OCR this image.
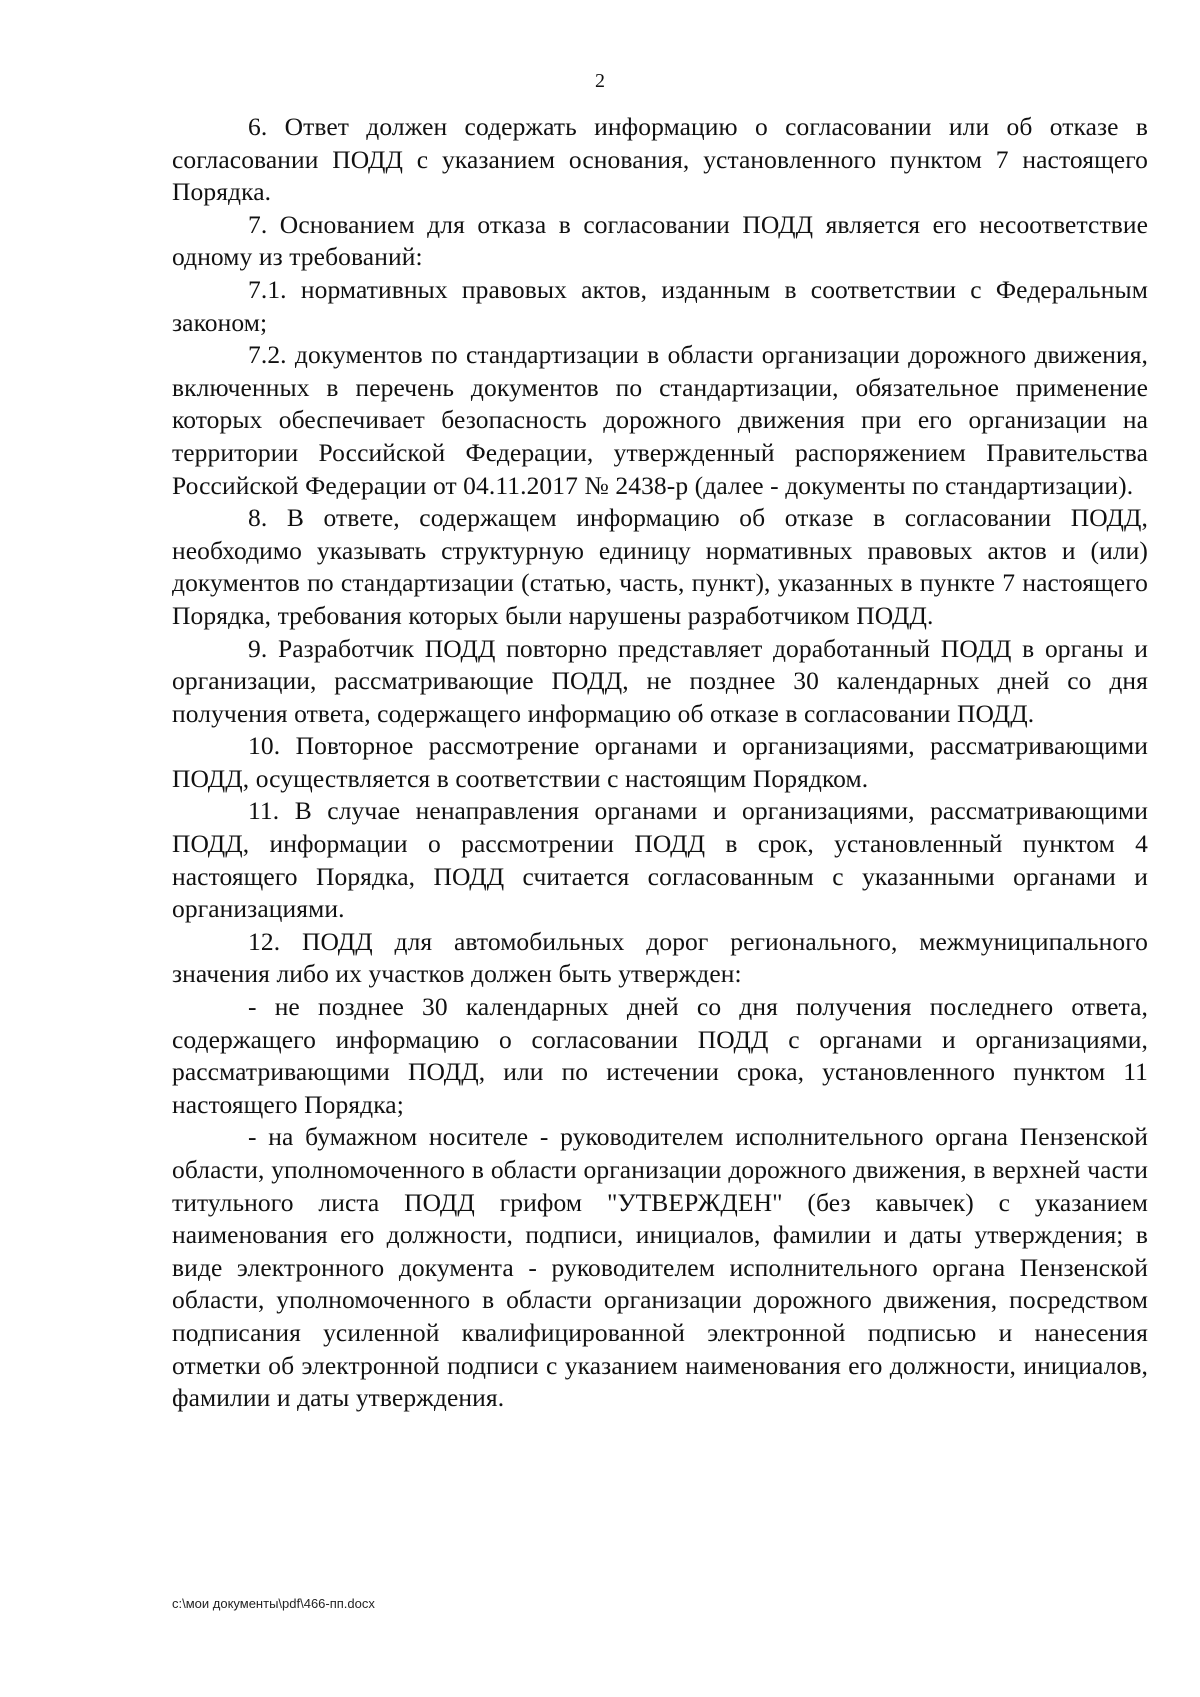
2

6. Ответ должен содержать информацию о согласовании или об отказе в согласовании ПОДД с указанием основания, установленного пунктом 7 настоящего Порядка.

7. Основанием для отказа в согласовании ПОДД является его несоответствие одному из требований:

7.1. нормативных правовых актов, изданным в соответствии с Федеральным законом;

7.2. документов по стандартизации в области организации дорожного движения, включенных в перечень документов по стандартизации, обязательное применение которых обеспечивает безопасность дорожного движения при его организации на территории Российской Федерации, утвержденный распоряжением Правительства Российской Федерации от 04.11.2017 № 2438-р (далее - документы по стандартизации).

8. В ответе, содержащем информацию об отказе в согласовании ПОДД, необходимо указывать структурную единицу нормативных правовых актов и (или) документов по стандартизации (статью, часть, пункт), указанных в пункте 7 настоящего Порядка, требования которых были нарушены разработчиком ПОДД.

9. Разработчик ПОДД повторно представляет доработанный ПОДД в органы и организации, рассматривающие ПОДД, не позднее 30 календарных дней со дня получения ответа, содержащего информацию об отказе в согласовании ПОДД.

10. Повторное рассмотрение органами и организациями, рассматривающими ПОДД, осуществляется в соответствии с настоящим Порядком.

11. В случае ненаправления органами и организациями, рассматривающими ПОДД, информации о рассмотрении ПОДД в срок, установленный пунктом 4 настоящего Порядка, ПОДД считается согласованным с указанными органами и организациями.

12. ПОДД для автомобильных дорог регионального, межмуниципального значения либо их участков должен быть утвержден:

- не позднее 30 календарных дней со дня получения последнего ответа, содержащего информацию о согласовании ПОДД с органами и организациями, рассматривающими ПОДД, или по истечении срока, установленного пунктом 11 настоящего Порядка;

- на бумажном носителе - руководителем исполнительного органа Пензенской области, уполномоченного в области организации дорожного движения, в верхней части титульного листа ПОДД грифом "УТВЕРЖДЕН" (без кавычек) с указанием наименования его должности, подписи, инициалов, фамилии и даты утверждения; в виде электронного документа - руководителем исполнительного органа Пензенской области, уполномоченного в области организации дорожного движения, посредством подписания усиленной квалифицированной электронной подписью и нанесения отметки об электронной подписи с указанием наименования его должности, инициалов, фамилии и даты утверждения.

c:\мои документы\pdf\466-пп.docx
